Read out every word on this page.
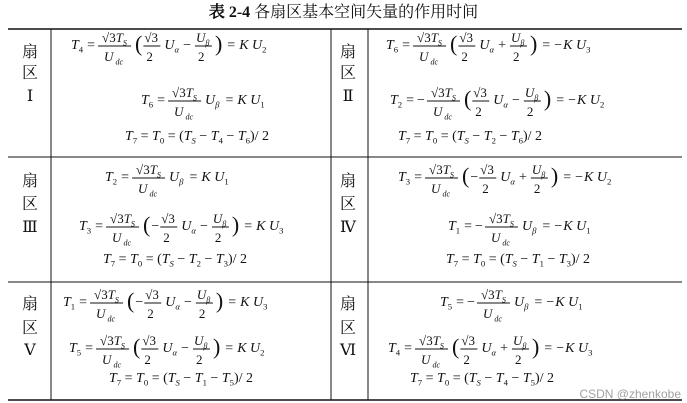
表 2-4 各扇区基本空间矢量的作用时间
扇
区
Ⅰ
$T_4$ =
$√3T_S$
U $_{dc}$
( √3
2
$U_\alpha$ −
$U_\beta$
2
) = K $U_2$
$T_6$ =
$√3T_S$
U $_{dc}$
$U_\beta = K$ $U_1$
$T_7 = T_0 = (T_S - T_4 - T_6)/$ 2
扇
区
Ⅱ
$T_6$ =
$√3T_S$
U $_{dc}$
( √3
2
$U_\alpha$ +
$U_\beta$
2
) = − K $U_3$
$T_2$ = −
$√3T_S$
U $_{dc}$
( √3
2
$U_\alpha$ −
$U_\beta$
2
) = − K $U_2$
$T_7 = T_0 = (T_S - T_2 - T_6)/$ 2
扇
区
Ⅲ
$T_2$ =
$√3T_S$
U $_{dc}$
$U_\beta = K$ $U_1$
$T_3$ =
$√3T_S$
U $_{dc}$
( −
√3
2
$U_\alpha$ −
$U_\beta$
2
) = K $U_3$
$T_7 = T_0 = (T_S - T_2 - T_3)/$ 2
扇
区
Ⅳ
$T_3$ =
$√3T_S$
U $_{dc}$
( −
√3
2
$U_\alpha$ +
$U_\beta$
2
) = − K $U_2$
$T_1$ = −
$√3T_S$
U $_{dc}$
$U_\beta$ = − K $U_1$
$T_7 = T_0 = (T_S - T_1 - T_3)/$ 2
扇
区
Ⅴ
$T_1$ =
$√3T_S$
U $_{dc}$
( −
√3
2
$U_\alpha$ −
$U_\beta$
2
) = K $U_3$
$T_5$ =
$√3T_S$
U $_{dc}$
( √3
2
$U_\alpha$ −
$U_\beta$
2
) = K $U_2$
$T_7 = T_0 = (T_S - T_1 - T_5)/$ 2
扇
区
Ⅵ
$T_5$ = −
$√3T_S$
U $_{dc}$
$U_\beta$ = − K $U_1$
$T_4$ =
$√3T_S$
U $_{dc}$
( √3
2
$U_\alpha$ +
$U_\beta$
2
) = − K $U_3$
$T_7 = T_0 = (T_S - T_4 - T_5)/$ 2
CSDN @zhenkobe
